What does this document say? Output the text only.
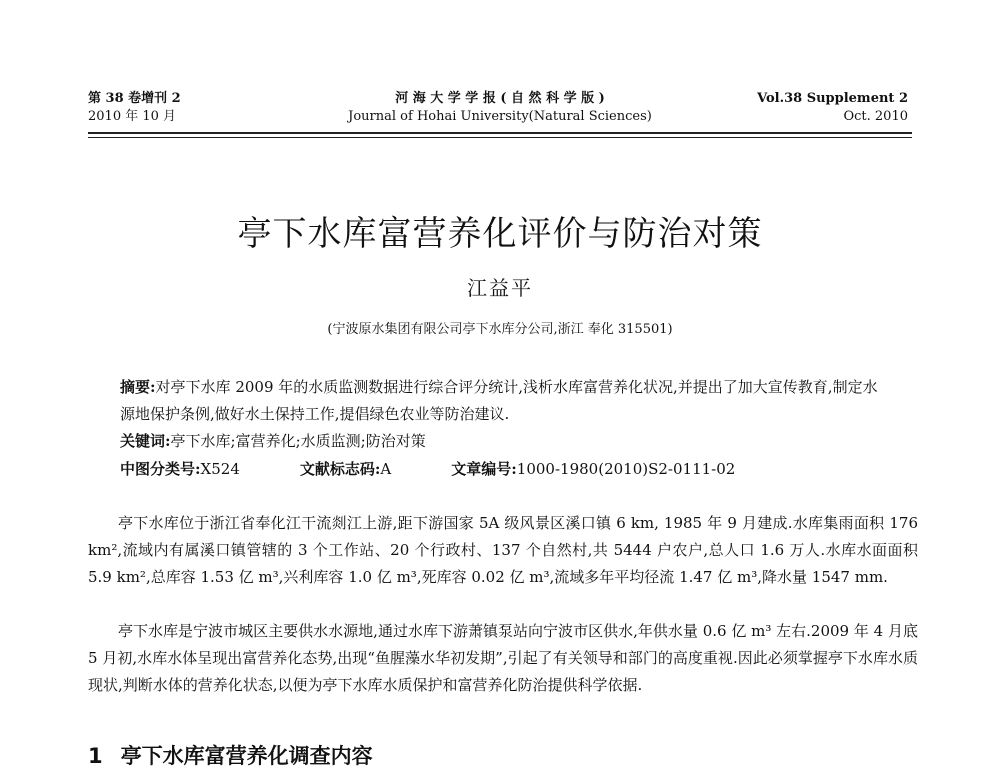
第 38 卷增刊 2
2010 年 10 月
河 海 大 学 学 报 ( 自 然 科 学 版 )
Journal of Hohai University(Natural Sciences)
Vol.38 Supplement 2
Oct. 2010
亭下水库富营养化评价与防治对策
江益平
(宁波原水集团有限公司亭下水库分公司,浙江 奉化 315501)
摘要:对亭下水库 2009 年的水质监测数据进行综合评分统计,浅析水库富营养化状况,并提出了加大宣传教育,制定水源地保护条例,做好水土保持工作,提倡绿色农业等防治建议.
关键词:亭下水库;富营养化;水质监测;防治对策
中图分类号:X524	文献标志码:A	文章编号:1000-1980(2010)S2-0111-02
亭下水库位于浙江省奉化江干流剡江上游,距下游国家 5A 级风景区溪口镇 6 km, 1985 年 9 月建成.水库集雨面积 176 km²,流域内有属溪口镇管辖的 3 个工作站、20 个行政村、137 个自然村,共 5444 户农户,总人口 1.6 万人.水库水面面积 5.9 km²,总库容 1.53 亿 m³,兴利库容 1.0 亿 m³,死库容 0.02 亿 m³,流域多年平均径流 1.47 亿 m³,降水量 1547 mm.
亭下水库是宁波市城区主要供水水源地,通过水库下游萧镇泵站向宁波市区供水,年供水量 0.6 亿 m³ 左右.2009 年 4 月底 5 月初,水库水体呈现出富营养化态势,出现“鱼腥藻水华初发期”,引起了有关领导和部门的高度重视.因此必须掌握亭下水库水质现状,判断水体的营养化状态,以便为亭下水库水质保护和富营养化防治提供科学依据.
1 亭下水库富营养化调查内容
